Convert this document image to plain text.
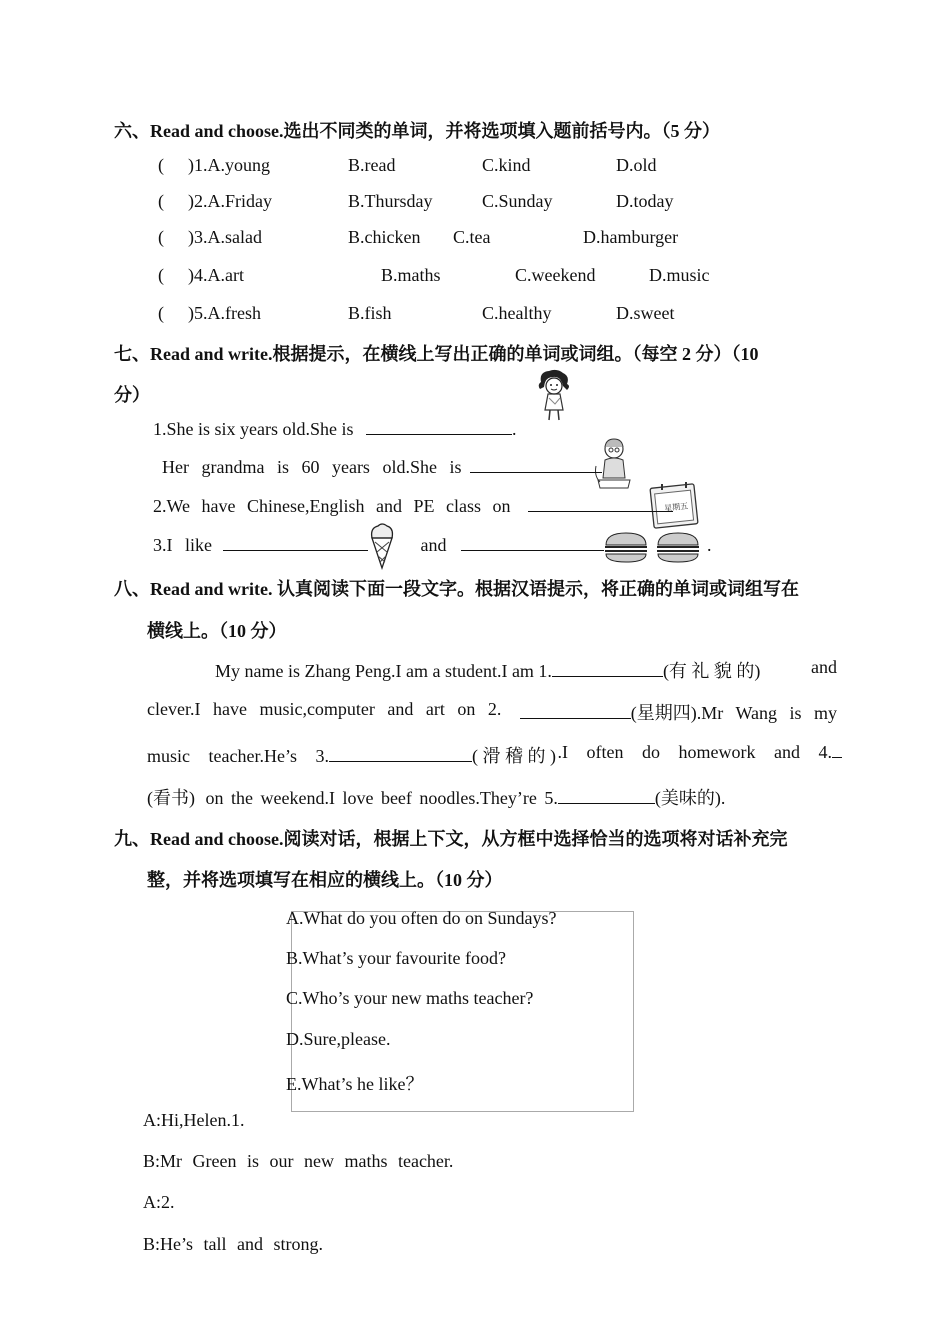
六、Read and choose.选出不同类的单词，并将选项填入题前括号内。（5 分）
( )1.A.young	B.read	C.kind	D.old
( )2.A.Friday	B.Thursday	C.Sunday	D.today
( )3.A.salad	B.chicken C.tea	D.hamburger
( )4.A.art	B.maths	C.weekend	D.music
( )5.A.fresh	B.fish	C.healthy	D.sweet
七、Read and write.根据提示，在横线上写出正确的单词或词组。（每空 2 分）（10
分）
1.She is six years old.She is	.
Her grandma is 60 years old.She is
星期五
2.We have Chinese,English and PE class on
3.I like	and	.
八、Read and write. 认真阅读下面一段文字。根据汉语提示，将正确的单词或词组写在
横线上。（10 分）
My name is Zhang Peng.I am a student.I am 1.	(有 礼 貌 的)	and
clever.I have music,computer and art on 2.	(星期四).Mr Wang is my
music teacher.He’s 3.	( 滑 稽 的 ) .I often do homework and 4.
(看书) on the weekend.I love beef noodles.They’re 5.	(美味的).
九、Read and choose.阅读对话，根据上下文，从方框中选择恰当的选项将对话补充完
整，并将选项填写在相应的横线上。（10 分）
A.What do you often do on Sundays?
B.What’s your favourite food?
C.Who’s your new maths teacher?
D.Sure,please.
E.What’s he like？
A:Hi,Helen.1.
B:Mr Green is our new maths teacher.
A:2.
B:He’s tall and strong.
